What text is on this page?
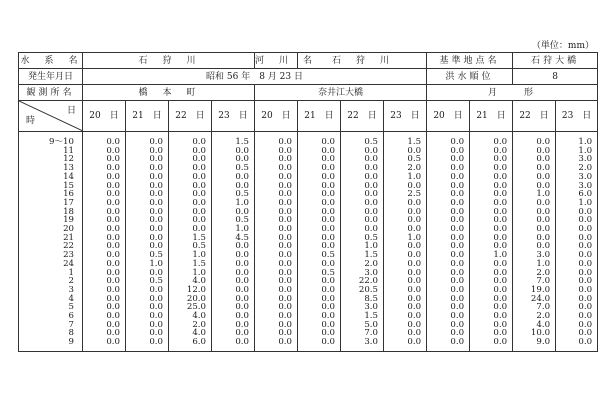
（単位：mm）
水　系　名	石　狩　川				河　川　名	石　狩　川			基準地点名		石狩大橋	
発生年月日	昭和 56 年　8 月 23 日								洪水順位		8	
観測所名	橋　本　町				奈井江大橋				月　　形			

日
時	20　日	21　日	22　日	23　日	20　日	21　日	22　日	23　日	20　日	21　日	22　日	23　日
9～10	0.0	0.0	0.0	1.5	0.0	0.0	0.5	1.5	0.0	0.0	0.0	1.0
11	0.0	0.0	0.0	0.0	0.0	0.0	0.0	0.0	0.0	0.0	0.0	1.0
12	0.0	0.0	0.0	0.0	0.0	0.0	0.0	0.5	0.0	0.0	0.0	3.0
13	0.0	0.0	0.0	0.5	0.0	0.0	0.0	2.0	0.0	0.0	0.0	2.0
14	0.0	0.0	0.0	0.0	0.0	0.0	0.0	1.0	0.0	0.0	0.0	3.0
15	0.0	0.0	0.0	0.0	0.0	0.0	0.0	0.0	0.0	0.0	0.0	3.0
16	0.0	0.0	0.0	0.5	0.0	0.0	0.0	2.5	0.0	0.0	1.0	6.0
17	0.0	0.0	0.0	1.0	0.0	0.0	0.0	0.0	0.0	0.0	0.0	1.0
18	0.0	0.0	0.0	0.0	0.0	0.0	0.0	0.0	0.0	0.0	0.0	0.0
19	0.0	0.0	0.0	0.5	0.0	0.0	0.0	0.0	0.0	0.0	0.0	0.0
20	0.0	0.0	0.0	1.0	0.0	0.0	0.0	0.0	0.0	0.0	0.0	0.0
21	0.0	0.0	1.5	4.5	0.0	0.0	0.5	1.0	0.0	0.0	0.0	0.0
22	0.0	0.0	0.5	0.0	0.0	0.0	1.0	0.0	0.0	0.0	0.0	0.0
23	0.0	0.5	1.0	0.0	0.0	0.5	1.5	0.0	0.0	1.0	3.0	0.0
24	0.0	1.0	1.5	0.0	0.0	0.0	2.0	0.0	0.0	0.0	1.0	0.0
1	0.0	0.0	1.0	0.0	0.0	0.5	3.0	0.0	0.0	0.0	2.0	0.0
2	0.0	0.5	4.0	0.0	0.0	0.0	22.0	0.0	0.0	0.0	7.0	0.0
3	0.0	0.0	12.0	0.0	0.0	0.0	20.5	0.0	0.0	0.0	19.0	0.0
4	0.0	0.0	20.0	0.0	0.0	0.0	8.5	0.0	0.0	0.0	24.0	0.0
5	0.0	0.0	25.0	0.0	0.0	0.0	3.0	0.0	0.0	0.0	7.0	0.0
6	0.0	0.0	4.0	0.0	0.0	0.0	1.5	0.0	0.0	0.0	2.0	0.0
7	0.0	0.0	2.0	0.0	0.0	0.0	5.0	0.0	0.0	0.0	4.0	0.0
8	0.0	0.0	4.0	0.0	0.0	0.0	7.0	0.0	0.0	0.0	10.0	0.0
9	0.0	0.0	6.0	0.0	0.0	0.0	3.0	0.0	0.0	0.0	9.0	0.0
